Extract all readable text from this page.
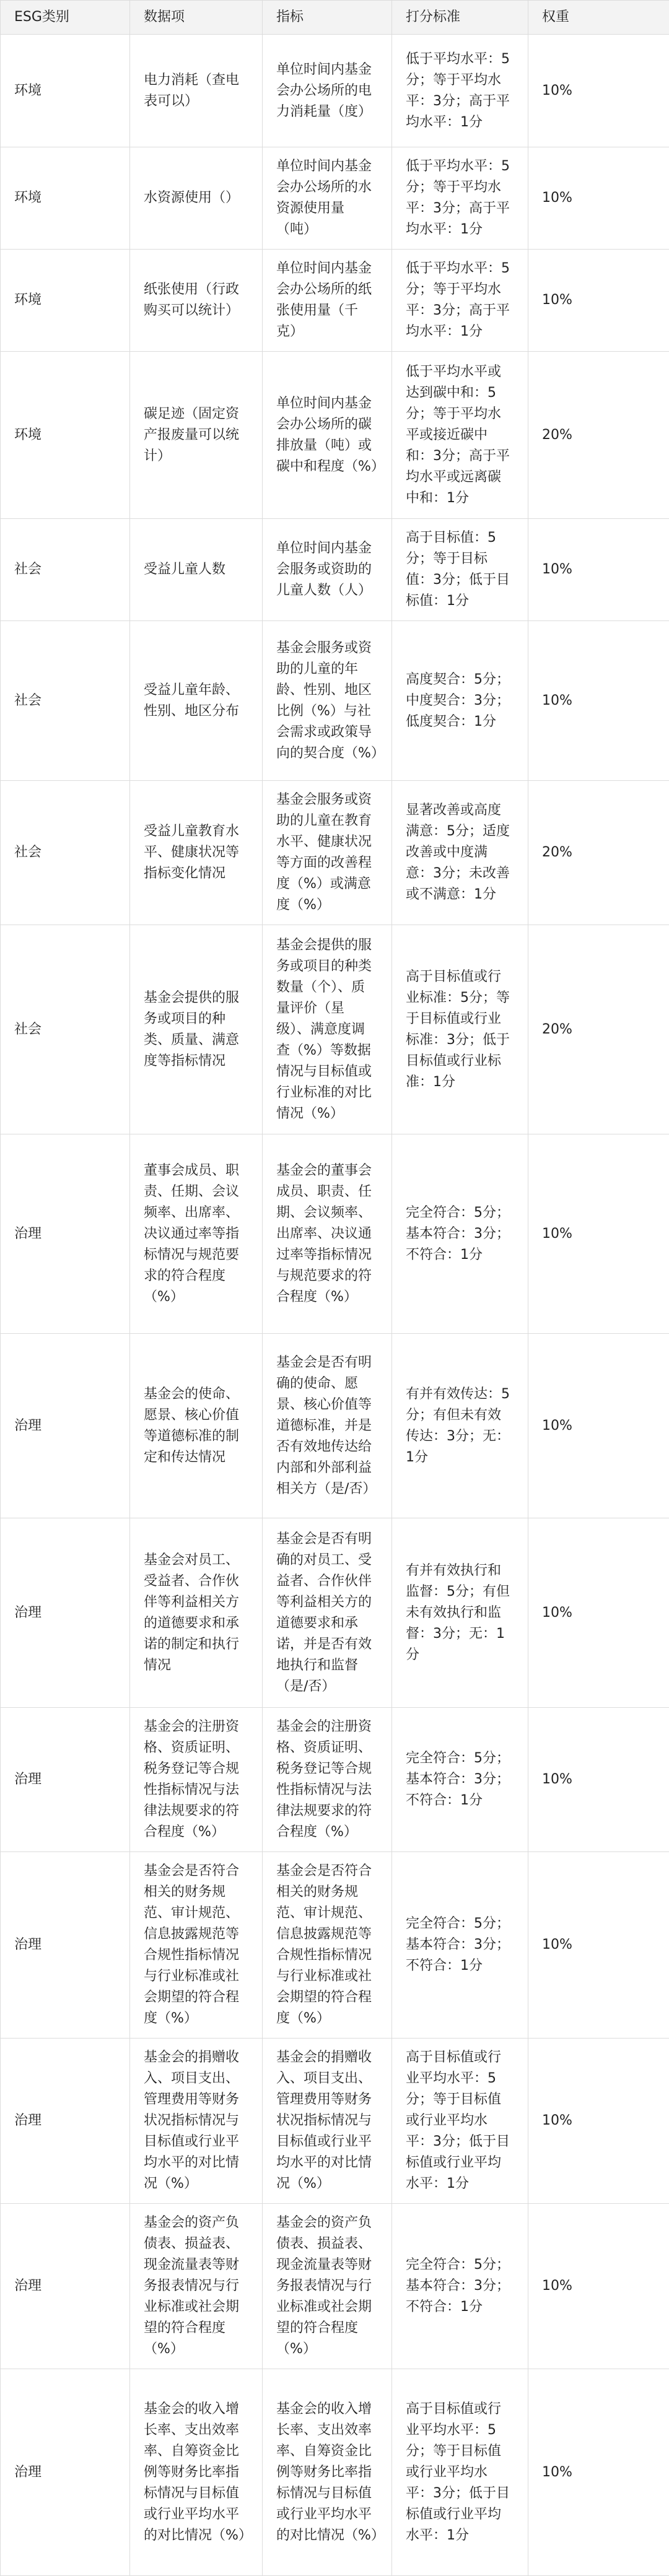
ESG类别	数据项	指标	打分标准	权重
环境	电力消耗（查电表可以）	单位时间内基金会办公场所的电力消耗量（度）	低于平均水平：5分；等于平均水平：3分；高于平均水平：1分	10%
环境	水资源使用（）	单位时间内基金会办公场所的水资源使用量（吨）	低于平均水平：5分；等于平均水平：3分；高于平均水平：1分	10%
环境	纸张使用（行政购买可以统计）	单位时间内基金会办公场所的纸张使用量（千克）	低于平均水平：5分；等于平均水平：3分；高于平均水平：1分	10%
环境	碳足迹（固定资产报废量可以统计）	单位时间内基金会办公场所的碳排放量（吨）或碳中和程度（%）	低于平均水平或达到碳中和：5分；等于平均水平或接近碳中和：3分；高于平均水平或远离碳中和：1分	20%
社会	受益儿童人数	单位时间内基金会服务或资助的儿童人数（人）	高于目标值：5分；等于目标值：3分；低于目标值：1分	10%
社会	受益儿童年龄、性别、地区分布	基金会服务或资助的儿童的年龄、性别、地区比例（%）与社会需求或政策导向的契合度（%）	高度契合：5分；中度契合：3分；低度契合：1分	10%
社会	受益儿童教育水平、健康状况等指标变化情况	基金会服务或资助的儿童在教育水平、健康状况等方面的改善程度（%）或满意度（%）	显著改善或高度满意：5分；适度改善或中度满意：3分；未改善或不满意：1分	20%
社会	基金会提供的服务或项目的种类、质量、满意度等指标情况	基金会提供的服务或项目的种类数量（个）、质量评价（星级）、满意度调查（%）等数据情况与目标值或行业标准的对比情况（%）	高于目标值或行业标准：5分；等于目标值或行业标准：3分；低于目标值或行业标准：1分	20%
治理	董事会成员、职责、任期、会议频率、出席率、决议通过率等指标情况与规范要求的符合程度（%）	基金会的董事会成员、职责、任期、会议频率、出席率、决议通过率等指标情况与规范要求的符合程度（%）	完全符合：5分；基本符合：3分；不符合：1分	10%
治理	基金会的使命、愿景、核心价值等道德标准的制定和传达情况	基金会是否有明确的使命、愿景、核心价值等道德标准，并是否有效地传达给内部和外部利益相关方（是/否）	有并有效传达：5分；有但未有效传达：3分；无：1分	10%
治理	基金会对员工、受益者、合作伙伴等利益相关方的道德要求和承诺的制定和执行情况	基金会是否有明确的对员工、受益者、合作伙伴等利益相关方的道德要求和承诺，并是否有效地执行和监督（是/否）	有并有效执行和监督：5分；有但未有效执行和监督：3分；无：1分	10%
治理	基金会的注册资格、资质证明、税务登记等合规性指标情况与法律法规要求的符合程度（%）	基金会的注册资格、资质证明、税务登记等合规性指标情况与法律法规要求的符合程度（%）	完全符合：5分；基本符合：3分；不符合：1分	10%
治理	基金会是否符合相关的财务规范、审计规范、信息披露规范等合规性指标情况与行业标准或社会期望的符合程度（%）	基金会是否符合相关的财务规范、审计规范、信息披露规范等合规性指标情况与行业标准或社会期望的符合程度（%）	完全符合：5分；基本符合：3分；不符合：1分	10%
治理	基金会的捐赠收入、项目支出、管理费用等财务状况指标情况与目标值或行业平均水平的对比情况（%）	基金会的捐赠收入、项目支出、管理费用等财务状况指标情况与目标值或行业平均水平的对比情况（%）	高于目标值或行业平均水平：5分；等于目标值或行业平均水平：3分；低于目标值或行业平均水平：1分	10%
治理	基金会的资产负债表、损益表、现金流量表等财务报表情况与行业标准或社会期望的符合程度（%）	基金会的资产负债表、损益表、现金流量表等财务报表情况与行业标准或社会期望的符合程度（%）	完全符合：5分；基本符合：3分；不符合：1分	10%
治理	基金会的收入增长率、支出效率率、自筹资金比例等财务比率指标情况与目标值或行业平均水平的对比情况（%）	基金会的收入增长率、支出效率率、自筹资金比例等财务比率指标情况与目标值或行业平均水平的对比情况（%）	高于目标值或行业平均水平：5分；等于目标值或行业平均水平：3分；低于目标值或行业平均水平：1分	10%
